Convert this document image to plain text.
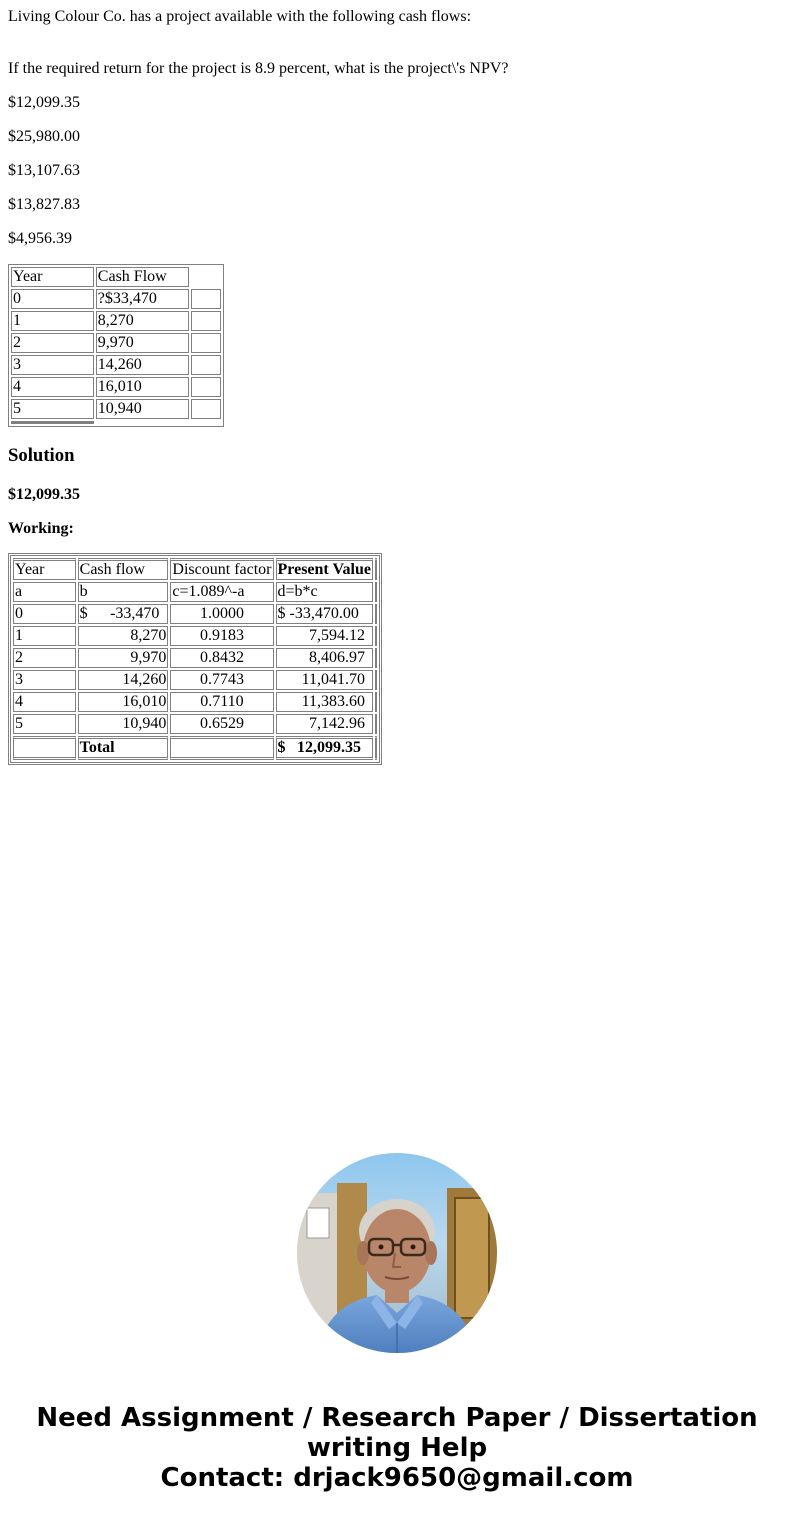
Living Colour Co. has a project available with the following cash flows:

If the required return for the project is 8.9 percent, what is the project\'s NPV?

$12,099.35

$25,980.00

$13,107.63

$13,827.83

$4,956.39

Year	Cash Flow	
0	?$33,470	
1	8,270	
2	9,970	
3	14,260	
4	16,010	
5	10,940	

Solution

$12,099.35

Working:

Year	Cash flow	Discount factor	Present Value	
a	b	c=1.089^-a	d=b*c	
0	$ -33,470	1.0000	$ -33,470.00	

1	8,270	0.9183	7,594.12	
2	9,970	0.8432	8,406.97	
3	14,260	0.7743	11,041.70	
4	16,010	0.7110	11,383.60	
5	10,940	0.6529	7,142.96	
	Total		$ 12,099.35	

Need Assignment / Research Paper / Dissertation
writing Help
Contact: drjack9650@gmail.com
